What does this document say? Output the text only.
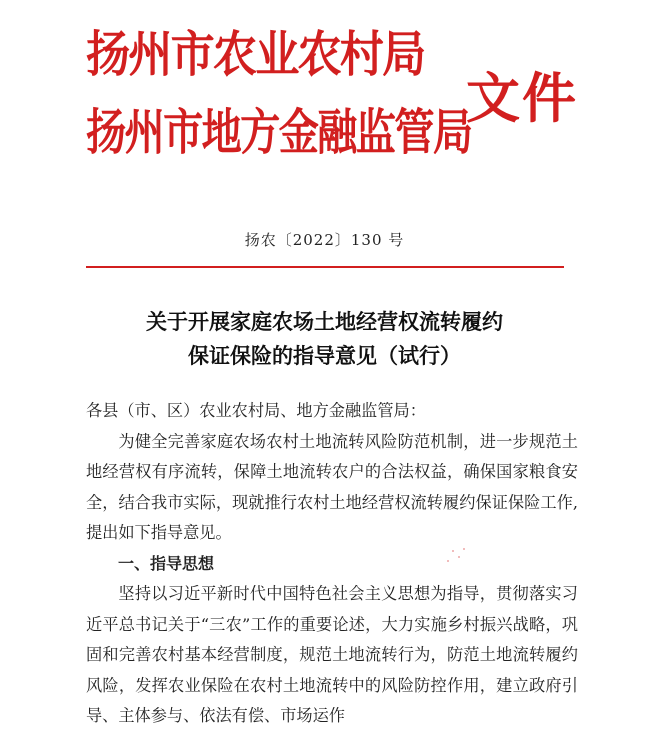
扬州市农业农村局
扬州市地方金融监管局
文件
扬农〔2022〕130 号
关于开展家庭农场土地经营权流转履约
保证保险的指导意见（试行）

各县（市、区）农业农村局、地方金融监管局：

为健全完善家庭农场农村土地流转风险防范机制，进一步规范土地经营权有序流转，保障土地流转农户的合法权益，确保国家粮食安全，结合我市实际，现就推行农村土地经营权流转履约保证保险工作,提出如下指导意见。

一、指导思想

坚持以习近平新时代中国特色社会主义思想为指导，贯彻落实习近平总书记关于“三农”工作的重要论述，大力实施乡村振兴战略，巩固和完善农村基本经营制度，规范土地流转行为，防范土地流转履约风险，发挥农业保险在农村土地流转中的风险防控作用，建立政府引导、主体参与、依法有偿、市场运作
